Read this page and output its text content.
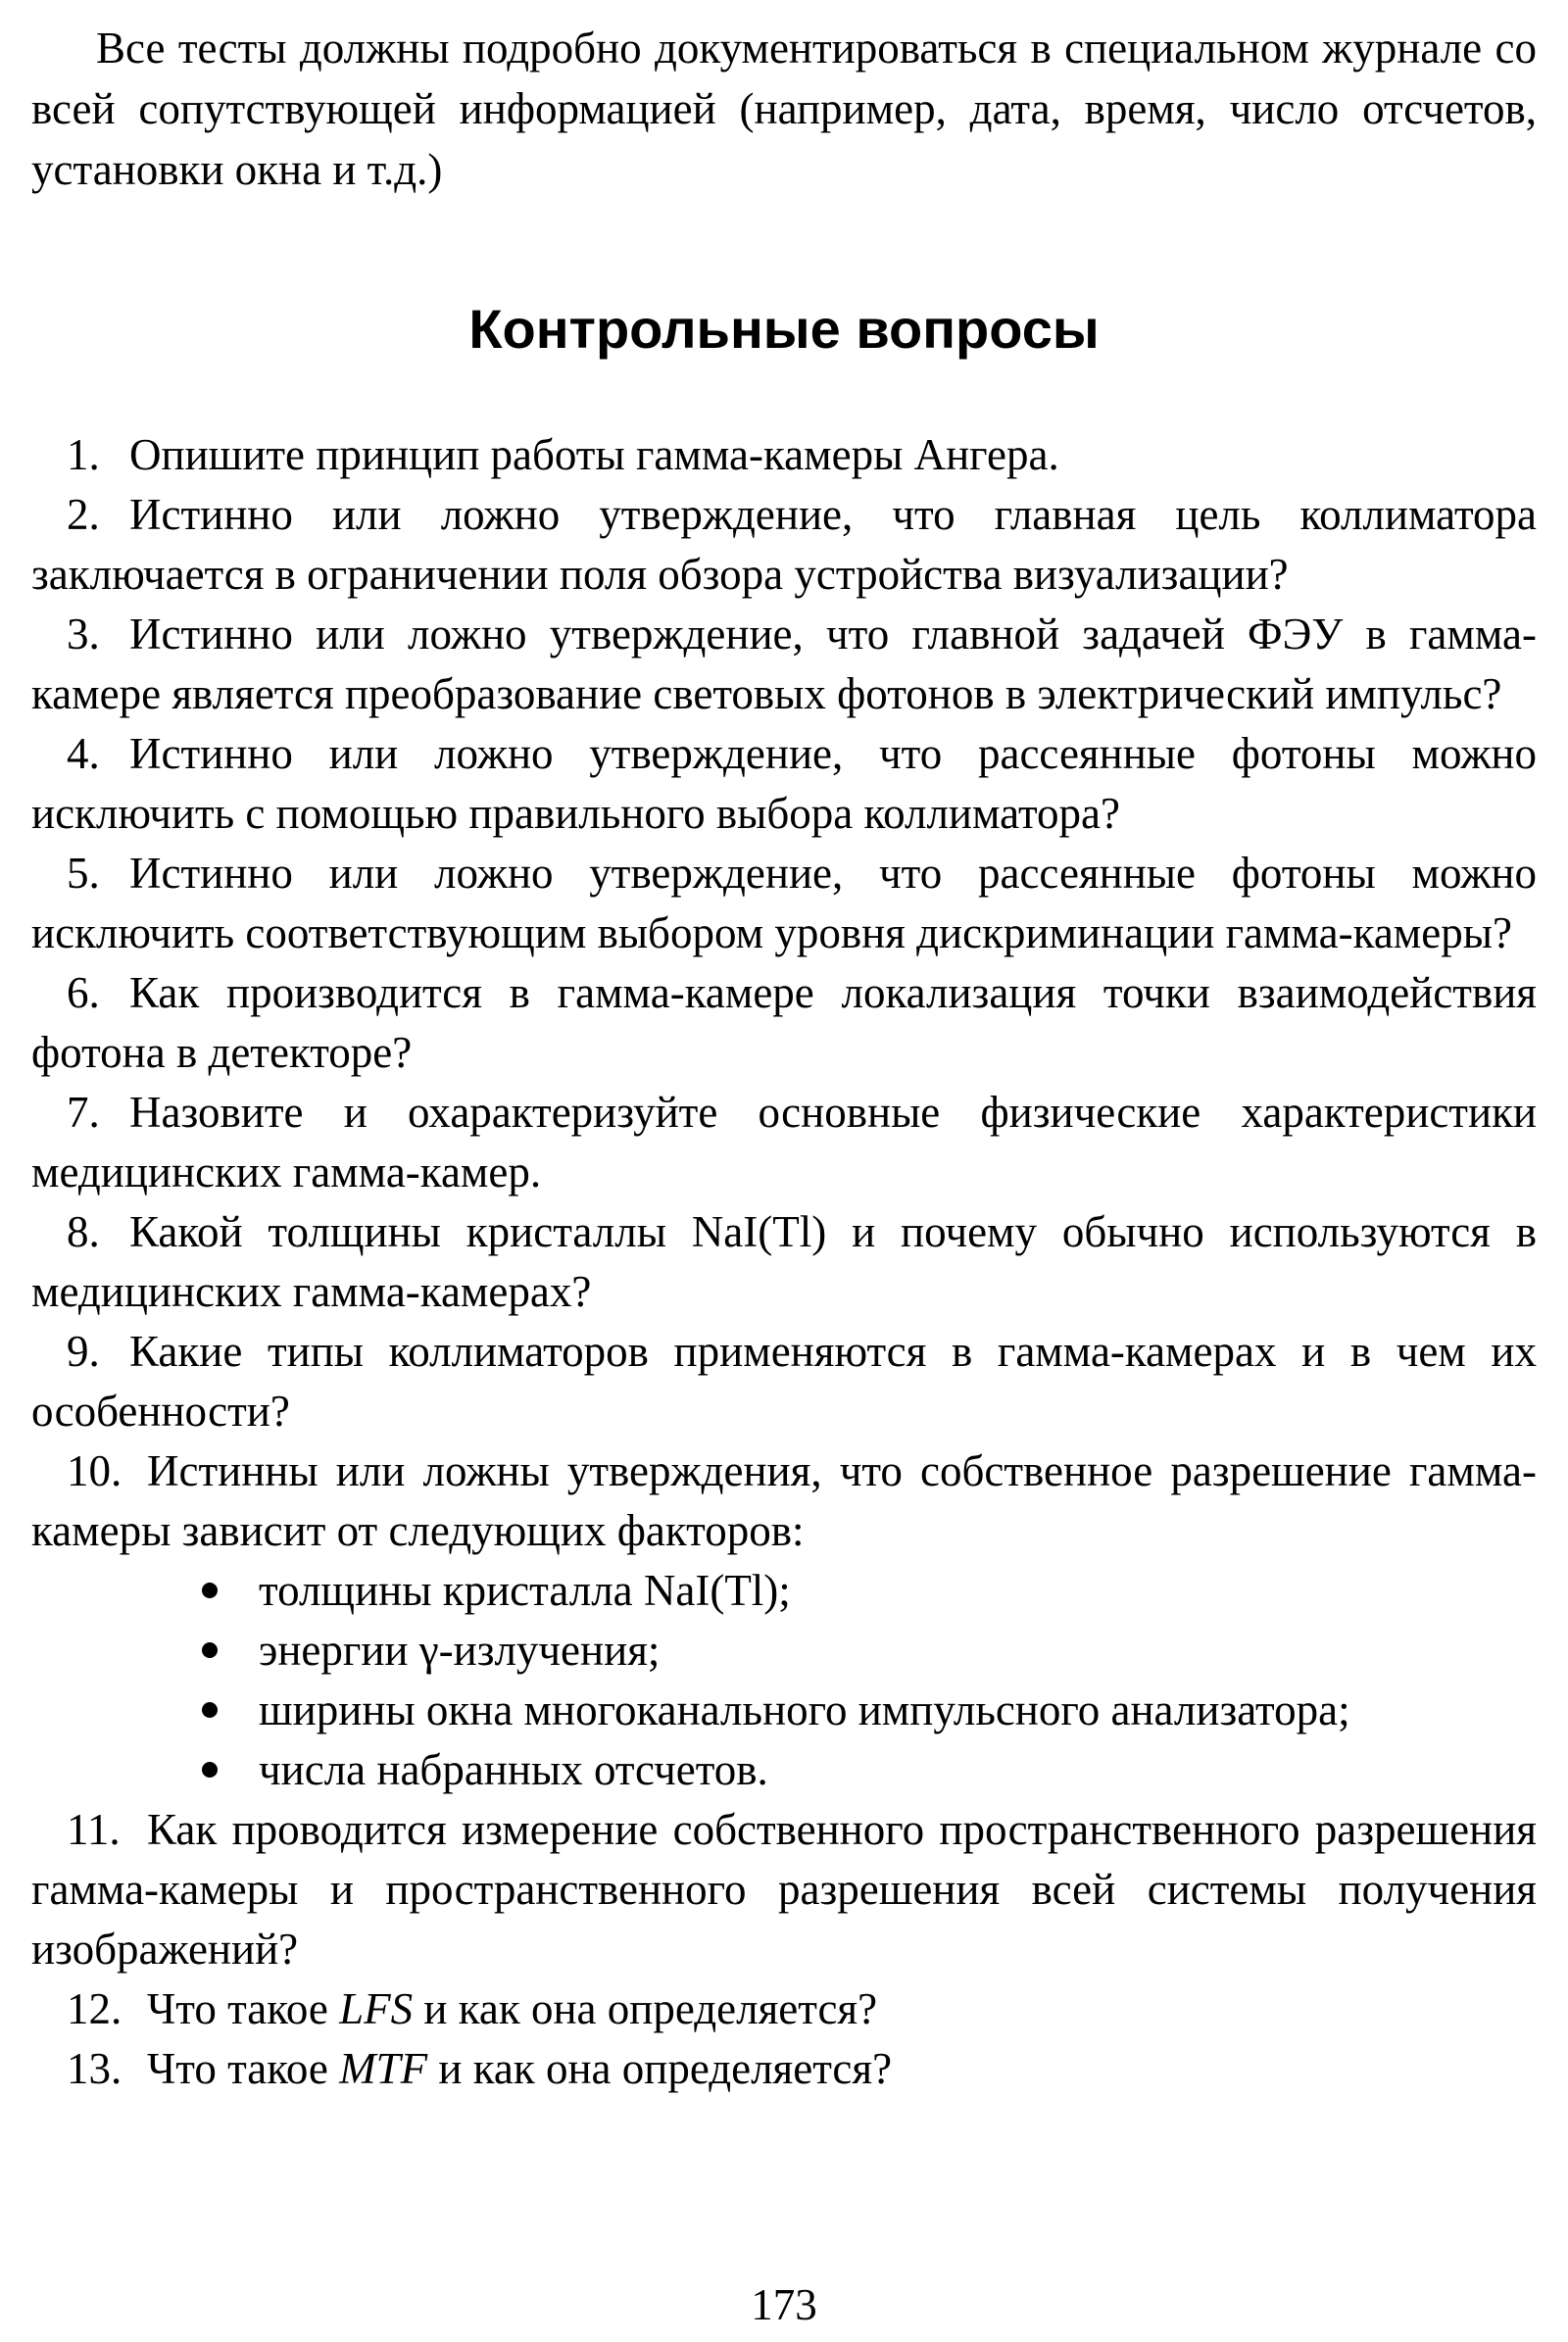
Все тесты должны подробно документироваться в специальном журнале со всей сопутствующей информацией (например, дата, время, число отсчетов, установки окна и т.д.)

Контрольные вопросы

1. Опишите принцип работы гамма-камеры Ангера.

2. Истинно или ложно утверждение, что главная цель коллиматора заключается в ограничении поля обзора устройства визуализации?

3. Истинно или ложно утверждение, что главной задачей ФЭУ в гамма-камере является преобразование световых фотонов в электрический импульс?

4. Истинно или ложно утверждение, что рассеянные фотоны можно исключить с помощью правильного выбора коллиматора?

5. Истинно или ложно утверждение, что рассеянные фотоны можно исключить соответствующим выбором уровня дискриминации гамма-камеры?

6. Как производится в гамма-камере локализация точки взаимодействия фотона в детекторе?

7. Назовите и охарактеризуйте основные физические характеристики медицинских гамма-камер.

8. Какой толщины кристаллы NaI(Tl) и почему обычно используются в медицинских гамма-камерах?

9. Какие типы коллиматоров применяются в гамма-камерах и в чем их особенности?

10. Истинны или ложны утверждения, что собственное разрешение гамма-камеры зависит от следующих факторов:

толщины кристалла NaI(Tl);
энергии γ-излучения;
ширины окна многоканального импульсного анализатора;
числа набранных отсчетов.

11. Как проводится измерение собственного пространственного разрешения гамма-камеры и пространственного разрешения всей системы получения изображений?

12. Что такое LFS и как она определяется?

13. Что такое MTF и как она определяется?

173
